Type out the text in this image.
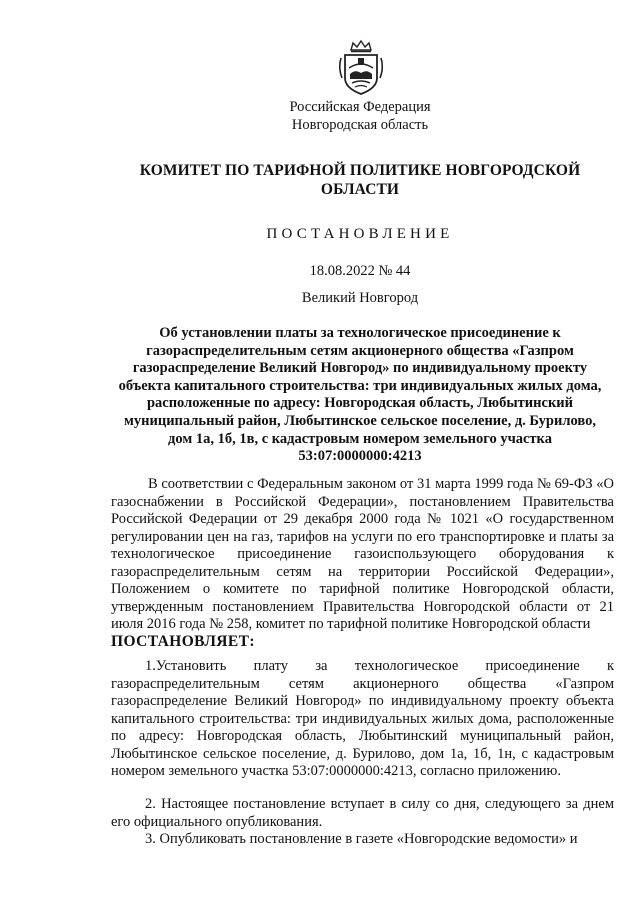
Российская Федерация
Новгородская область
КОМИТЕТ ПО ТАРИФНОЙ ПОЛИТИКЕ НОВГОРОДСКОЙ
ОБЛАСТИ
ПОСТАНОВЛЕНИЕ
18.08.2022 № 44
Великий Новгород
Об установлении платы за технологическое присоединение к
газораспределительным сетям акционерного общества «Газпром
газораспределение Великий Новгород» по индивидуальному проекту
объекта капитального строительства: три индивидуальных жилых дома,
расположенные по адресу: Новгородская область, Любытинский
муниципальный район, Любытинское сельское поселение, д. Бурилово,
дом 1а, 1б, 1в, с кадастровым номером земельного участка
53:07:0000000:4213
В соответствии с Федеральным законом от 31 марта 1999 года № 69-ФЗ «О газоснабжении в Российской Федерации», постановлением Правительства Российской Федерации от 29 декабря 2000 года № 1021 «О государственном регулировании цен на газ, тарифов на услуги по его транспортировке и платы за технологическое присоединение газоиспользующего оборудования к газораспределительным сетям на территории Российской Федерации», Положением о комитете по тарифной политике Новгородской области, утвержденным постановлением Правительства Новгородской области от 21 июля 2016 года № 258, комитет по тарифной политике Новгородской области
ПОСТАНОВЛЯЕТ:
1.Установить плату за технологическое присоединение к газораспределительным сетям акционерного общества «Газпром газораспределение Великий Новгород» по индивидуальному проекту объекта капитального строительства: три индивидуальных жилых дома, расположенные по адресу: Новгородская область, Любытинский муниципальный район, Любытинское сельское поселение, д. Бурилово, дом 1а, 1б, 1н, с кадастровым номером земельного участка 53:07:0000000:4213, согласно приложению.
2. Настоящее постановление вступает в силу со дня, следующего за днем его официального опубликования.
3. Опубликовать постановление в газете «Новгородские ведомости» и
